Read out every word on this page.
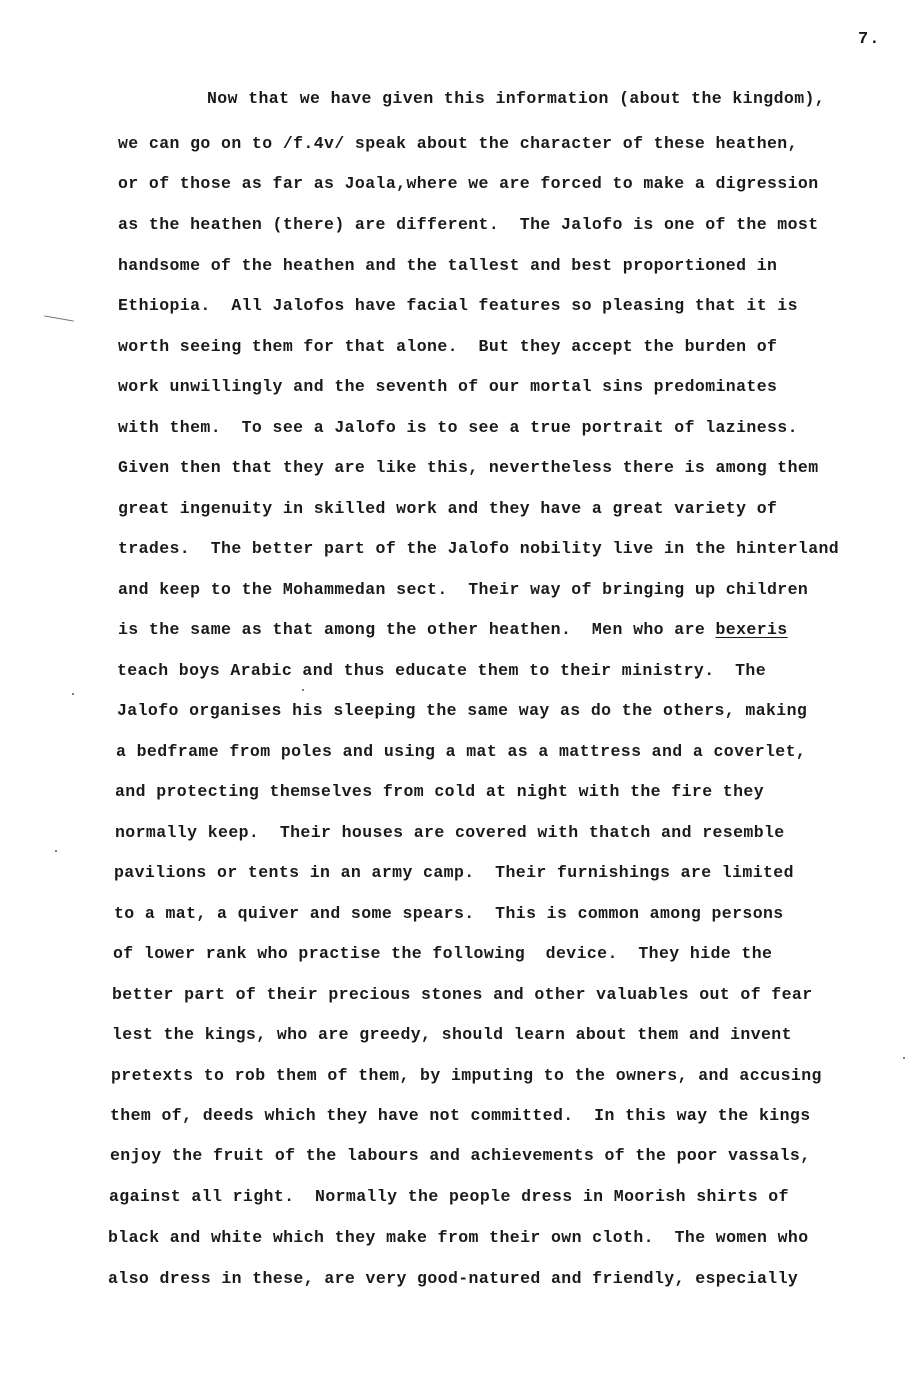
7.
Now that we have given this information (about the kingdom),
we can go on to /f.4v/ speak about the character of these heathen,
or of those as far as Joala,where we are forced to make a digression
as the heathen (there) are different.  The Jalofo is one of the most
handsome of the heathen and the tallest and best proportioned in
Ethiopia.  All Jalofos have facial features so pleasing that it is
worth seeing them for that alone.  But they accept the burden of
work unwillingly and the seventh of our mortal sins predominates
with them.  To see a Jalofo is to see a true portrait of laziness.
Given then that they are like this, nevertheless there is among them
great ingenuity in skilled work and they have a great variety of
trades.  The better part of the Jalofo nobility live in the hinterland
and keep to the Mohammedan sect.  Their way of bringing up children
is the same as that among the other heathen.  Men who are bexeris
teach boys Arabic and thus educate them to their ministry.  The
Jalofo organises his sleeping the same way as do the others, making
a bedframe from poles and using a mat as a mattress and a coverlet,
and protecting themselves from cold at night with the fire they
normally keep.  Their houses are covered with thatch and resemble
pavilions or tents in an army camp.  Their furnishings are limited
to a mat, a quiver and some spears.  This is common among persons
of lower rank who practise the following  device.  They hide the
better part of their precious stones and other valuables out of fear
lest the kings, who are greedy, should learn about them and invent
pretexts to rob them of them, by imputing to the owners, and accusing
them of, deeds which they have not committed.  In this way the kings
enjoy the fruit of the labours and achievements of the poor vassals,
against all right.  Normally the people dress in Moorish shirts of
black and white which they make from their own cloth.  The women who
also dress in these, are very good-natured and friendly, especially
